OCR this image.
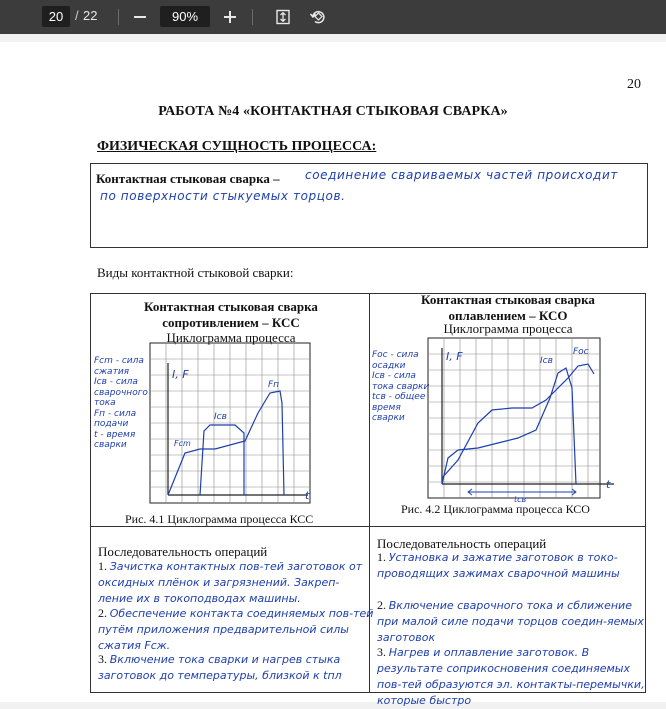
20 / 22	90%
20
РАБОТА №4 «КОНТАКТНАЯ СТЫКОВАЯ СВАРКА»
ФИЗИЧЕСКАЯ СУЩНОСТЬ ПРОЦЕССА:
Контактная стыковая сварка – соединение свариваемых частей происходит
по поверхности стыкуемых торцов.
Виды контактной стыковой сварки:
Контактная стыковая сварка
сопротивлением – КСС
Циклограмма процесса
Fсm - сила
сжатия
Iсв - сила
сварочного
тока
Fп - сила
подачи
t - время
сварки
I, F
t
Iсв
Fп
Fсm
Рис. 4.1 Циклограмма процесса КСС
Последовательность операций
1. Зачистка контактных пов-тей заготовок от оксидных плёнок и загрязнений. Закреп-ление их в токоподводах машины.
2. Обеспечение контакта соединяемых пов-тей путём приложения предварительной силы сжатия Fсж.
3. Включение тока сварки и нагрев стыка заготовок до температуры, близкой к tпл
Контактная стыковая сварка
оплавлением – КСО
Циклограмма процесса
Fос - сила
осадки
Iсв - сила
тока сварки
tсв - общее
время
сварки
I, F
t
Iсв
Fос
tсв
Рис. 4.2 Циклограмма процесса КСО
Последовательность операций
1. Установка и зажатие заготовок в токо-проводящих зажимах сварочной машины
2. Включение сварочного тока и сближение при малой силе подачи торцов соедин-яемых заготовок
3. Нагрев и оплавление заготовок. В результате соприкосновения соединяемых пов-тей образуются эл. контакты-перемычки, которые быстро
